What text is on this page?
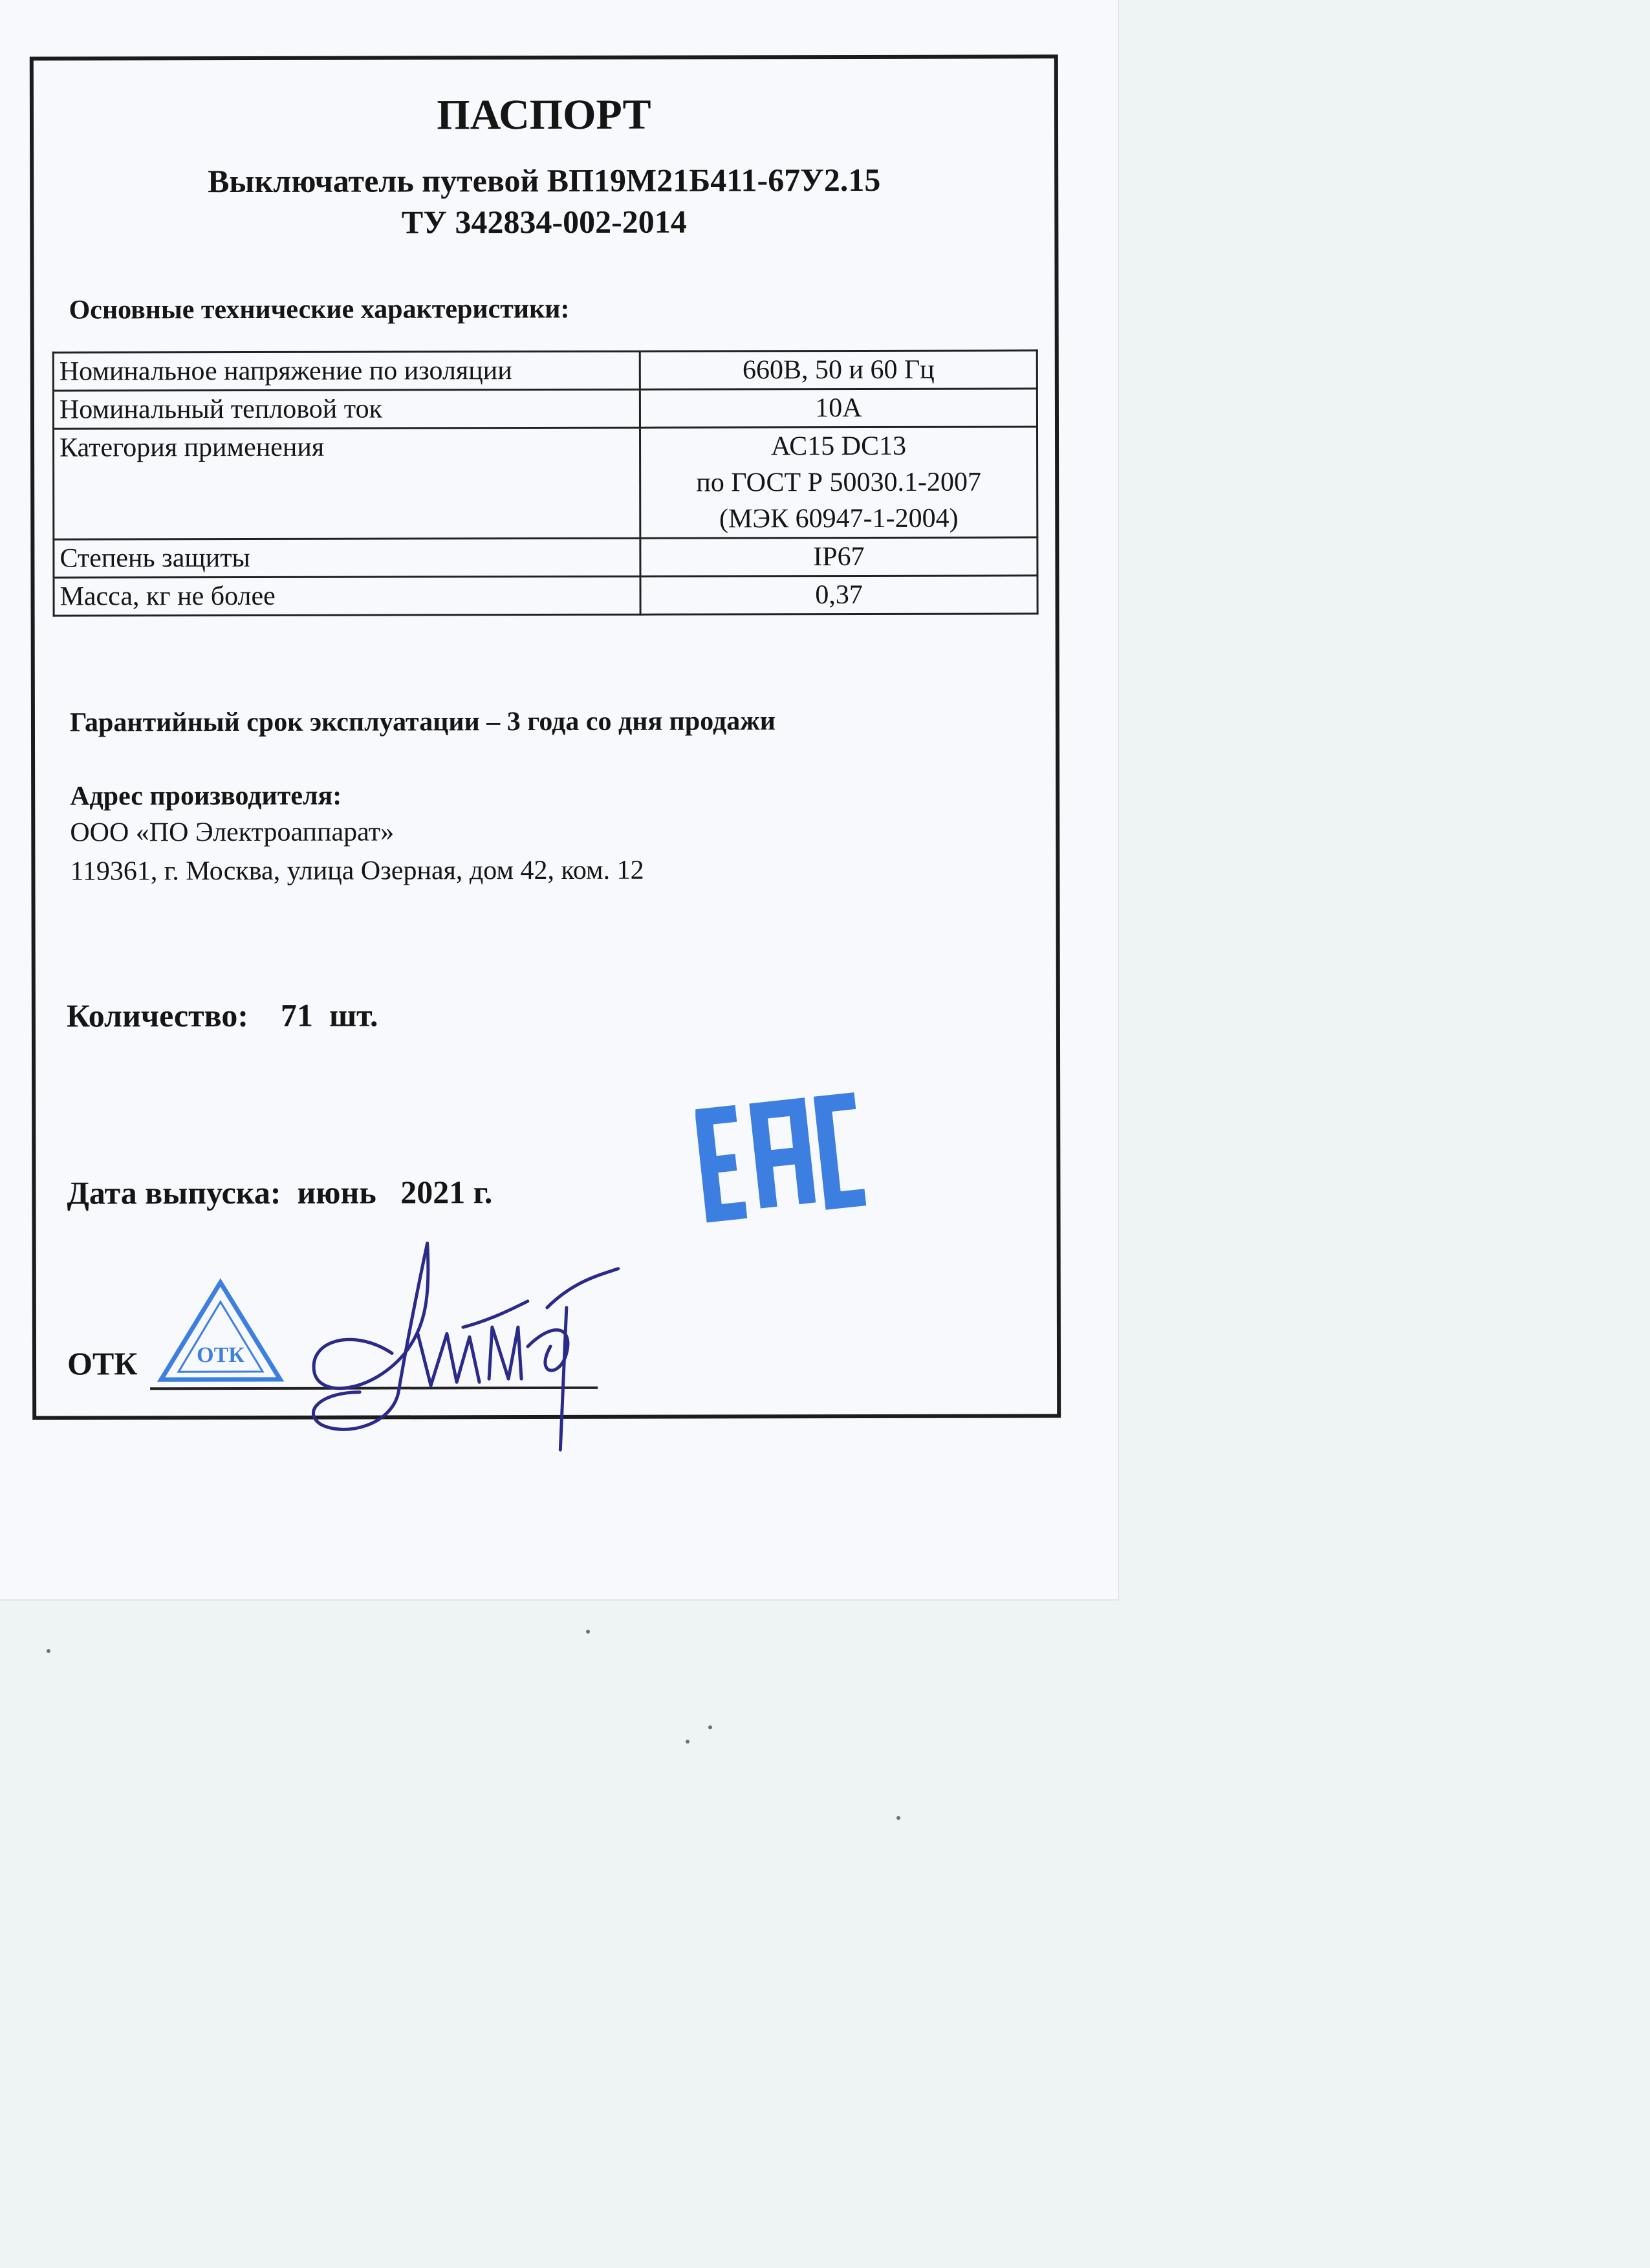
ПАСПОРТ
Выключатель путевой ВП19М21Б411-67У2.15
ТУ 342834-002-2014
Основные технические характеристики:
Номинальное напряжение по изоляции	660В, 50 и 60 Гц
Номинальный тепловой ток	10А
Категория применения	АС15 DC13
по ГОСТ Р 50030.1-2007
(МЭК 60947-1-2004)

Степень защиты	IP67
Масса, кг не более	0,37
Гарантийный срок эксплуатации – 3 года со дня продажи
Адрес производителя:
ООО «ПО Электроаппарат»
119361, г. Москва, улица Озерная, дом 42, ком. 12
Количество:    71  шт.
Дата выпуска:  июнь   2021 г.
ОТК	ОТК
